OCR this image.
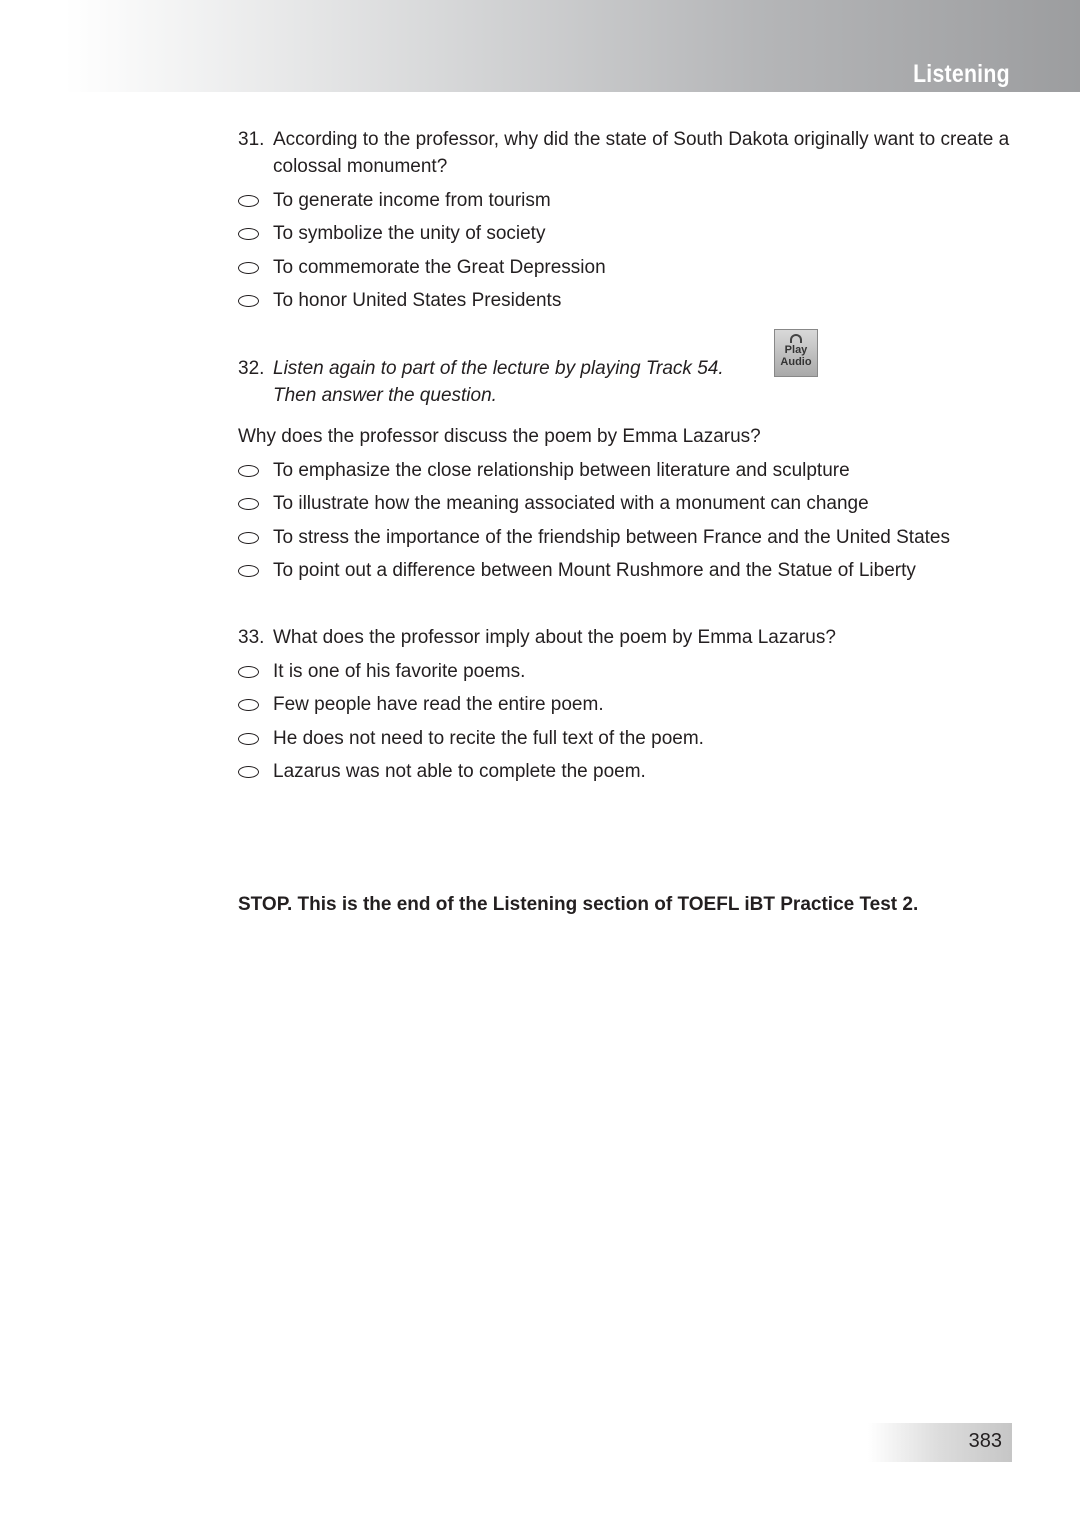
Listening
31. According to the professor, why did the state of South Dakota originally want to create a colossal monument?
To generate income from tourism
To symbolize the unity of society
To commemorate the Great Depression
To honor United States Presidents
32. Listen again to part of the lecture by playing Track 54.
Play
Audio
Then answer the question.
Why does the professor discuss the poem by Emma Lazarus?
To emphasize the close relationship between literature and sculpture
To illustrate how the meaning associated with a monument can change
To stress the importance of the friendship between France and the United States
To point out a difference between Mount Rushmore and the Statue of Liberty
33. What does the professor imply about the poem by Emma Lazarus?
It is one of his favorite poems.
Few people have read the entire poem.
He does not need to recite the full text of the poem.
Lazarus was not able to complete the poem.
STOP. This is the end of the Listening section of TOEFL iBT Practice Test 2.
383
